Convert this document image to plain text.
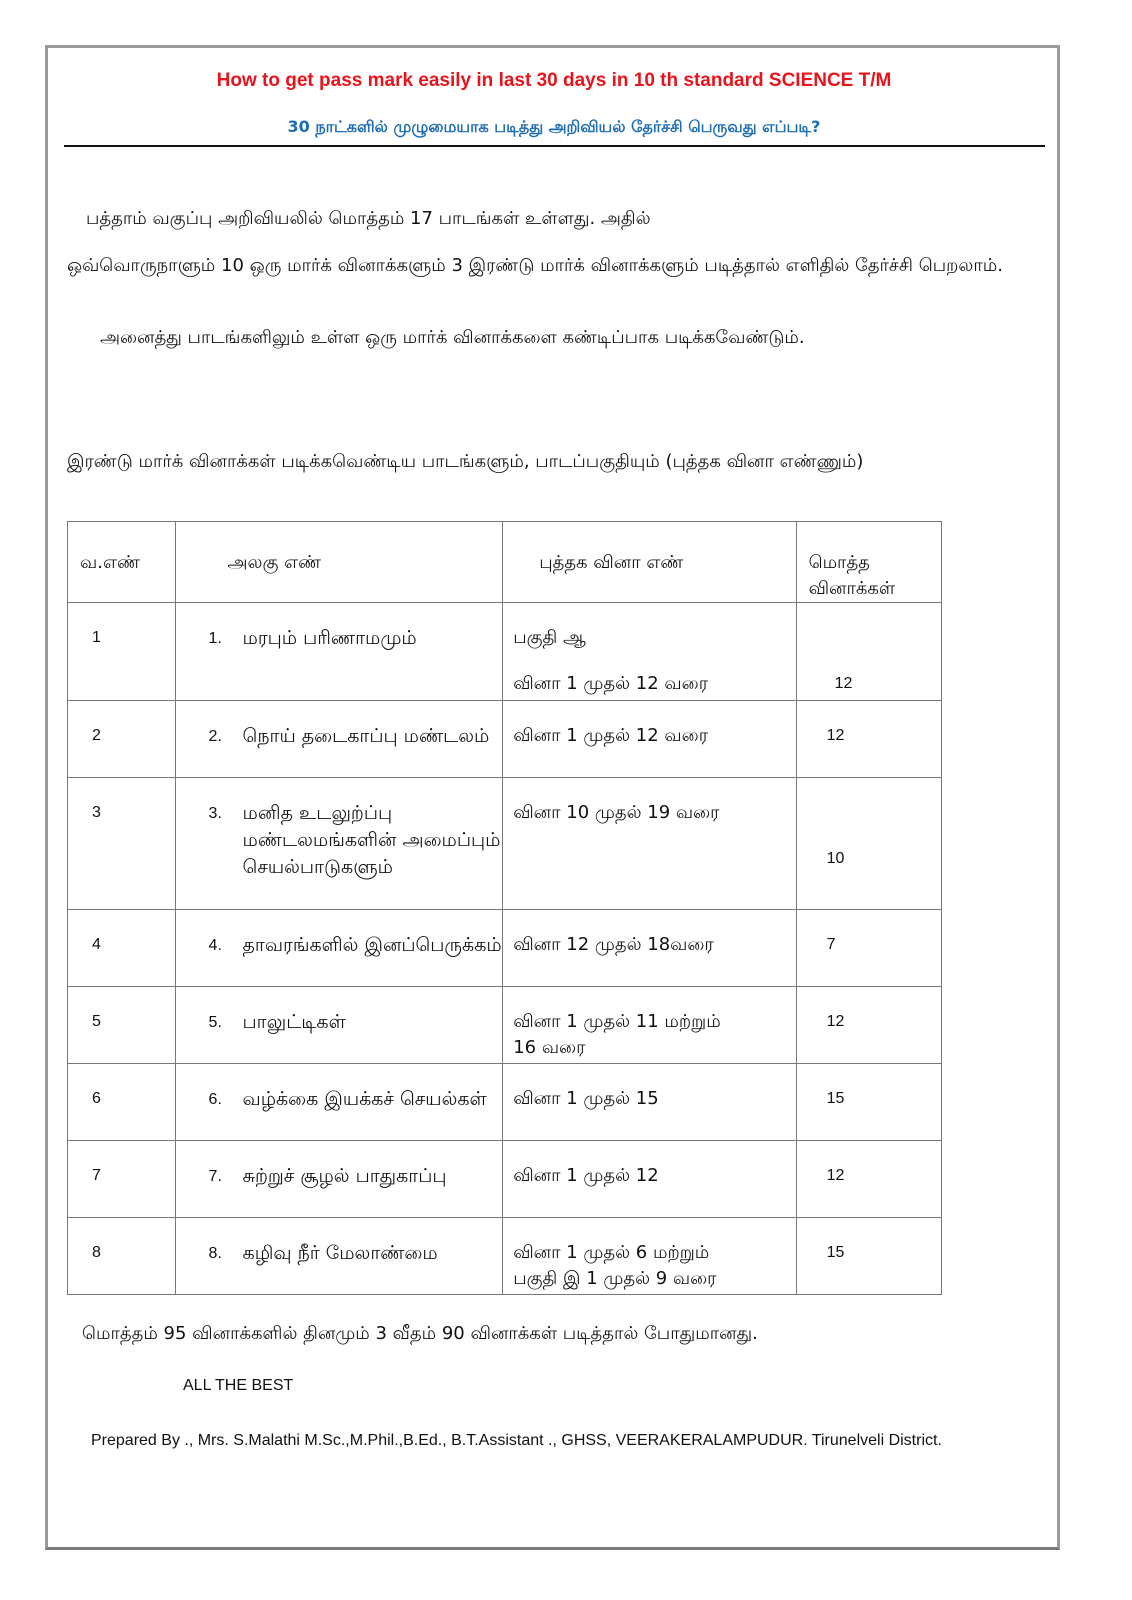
How to get pass mark easily in last 30 days in 10 th standard SCIENCE T/M
30 நாட்களில் முழுமையாக படித்து அறிவியல் தேர்ச்சி பெருவது எப்படி?

பத்தாம் வகுப்பு அறிவியலில் மொத்தம் 17 பாடங்கள் உள்ளது. அதில்

ஒவ்வொருநாளும் 10 ஒரு மார்க் வினாக்களும் 3 இரண்டு மார்க் வினாக்களும் படித்தால் எளிதில் தேர்ச்சி பெறலாம்.

அனைத்து பாடங்களிலும் உள்ள ஒரு மார்க் வினாக்களை கண்டிப்பாக படிக்கவேண்டும்.

இரண்டு மார்க் வினாக்கள் படிக்கவெண்டிய பாடங்களும், பாடப்பகுதியும் (புத்தக வினா எண்ணும்)

வ.எண்	அலகு எண்	புத்தக வினா எண்	மொத்த வினாக்கள்

1	1. மரபும் பரிணாமமும்	பகுதி ஆ
வினா 1 முதல் 12 வரை	12

2	2. நொய் தடைகாப்பு மண்டலம்	வினா 1 முதல் 12 வரை	12

3	3. மனித உடலுற்ப்பு மண்டலமங்களின் அமைப்பும் செயல்பாடுகளும்	வினா 10 முதல் 19 வரை	10

4	4. தாவரங்களில் இனப்பெருக்கம்	வினா 12 முதல் 18வரை	7

5	5. பாலுட்டிகள்	வினா 1 முதல் 11 மற்றும்
16 வரை	12

6	6. வழ்க்கை இயக்கச் செயல்கள்	வினா 1 முதல் 15	15

7	7. சுற்றுச் சூழல் பாதுகாப்பு	வினா 1 முதல் 12	12

8	8. கழிவு நீர் மேலாண்மை	வினா 1 முதல் 6 மற்றும்
பகுதி இ 1 முதல் 9 வரை	15
மொத்தம் 95 வினாக்களில் தினமும் 3 வீதம் 90 வினாக்கள் படித்தால் போதுமானது.
ALL THE BEST
Prepared By ., Mrs. S.Malathi M.Sc.,M.Phil.,B.Ed., B.T.Assistant ., GHSS, VEERAKERALAMPUDUR. Tirunelveli District.
